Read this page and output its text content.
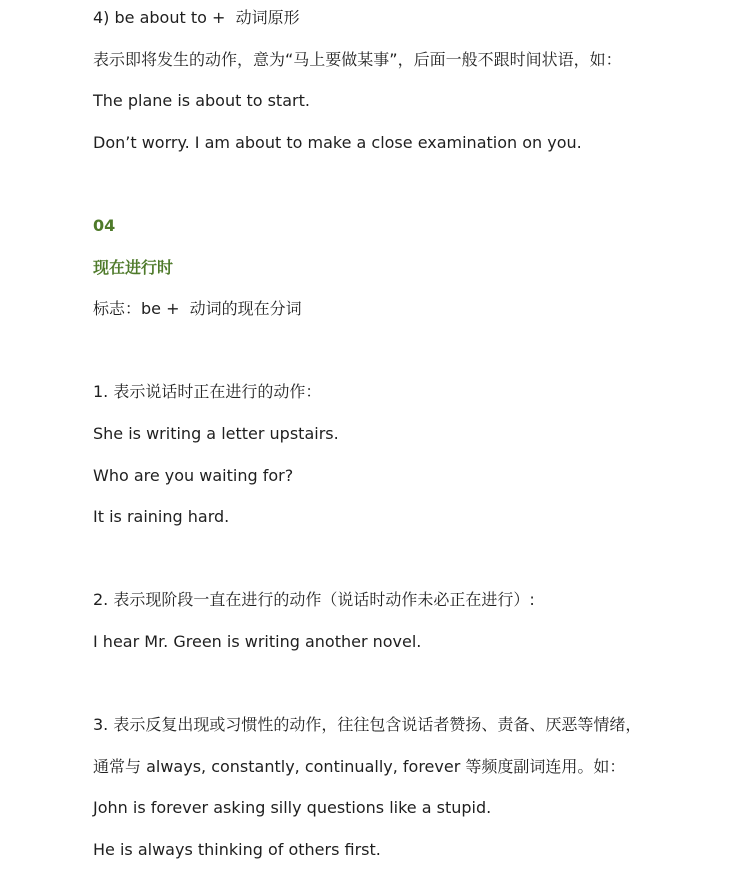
4) be about to +  动词原形
表示即将发生的动作，意为“马上要做某事”，后面一般不跟时间状语，如：
The plane is about to start.
Don’t worry. I am about to make a close examination on you.
04
现在进行时
标志：be +  动词的现在分词
1. 表示说话时正在进行的动作：
She is writing a letter upstairs.
Who are you waiting for?
It is raining hard.
2. 表示现阶段一直在进行的动作（说话时动作未必正在进行）:
I hear Mr. Green is writing another novel.
3. 表示反复出现或习惯性的动作，往往包含说话者赞扬、责备、厌恶等情绪，
通常与 always, constantly, continually, forever 等频度副词连用。如：
John is forever asking silly questions like a stupid.
He is always thinking of others first.
